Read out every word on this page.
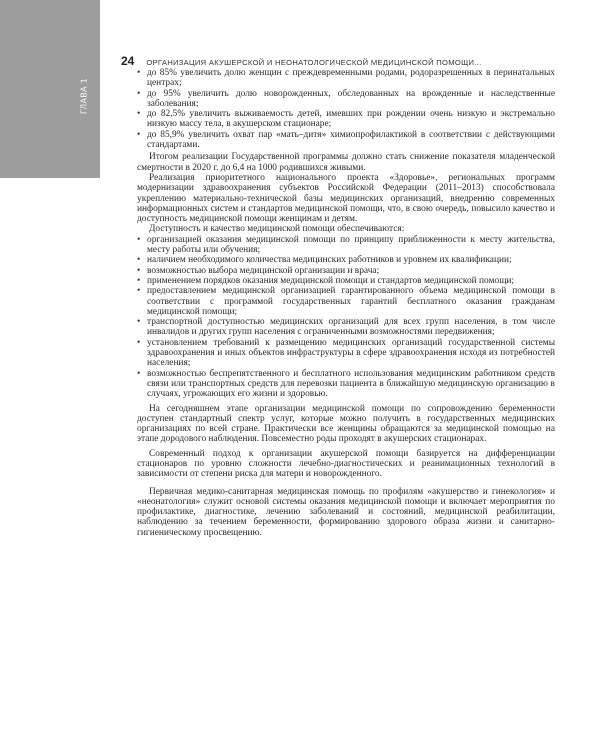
ГЛАВА 1
24 ОРГАНИЗАЦИЯ АКУШЕРСКОЙ И НЕОНАТОЛОГИЧЕСКОЙ МЕДИЦИНСКОЙ ПОМОЩИ...
• до 85% увеличить долю женщин с преждевременными родами, родоразрешенных в перинатальных центрах;
• до 95% увеличить долю новорожденных, обследованных на врожденные и наследственные заболевания;
• до 82,5% увеличить выживаемость детей, имевших при рождении очень низкую и экстремально низкую массу тела, в акушерском стационаре;
• до 85,9% увеличить охват пар «мать–дитя» химиопрофилактикой в соответствии с действующими стандартами.

Итогом реализации Государственной программы должно стать снижение показателя младенческой смертности в 2020 г. до 6,4 на 1000 родившихся живыми.

Реализация приоритетного национального проекта «Здоровье», региональных программ модернизации здравоохранения субъектов Российской Федерации (2011–2013) способствовала укреплению материально-технической базы медицинских организаций, внедрению современных информационных систем и стандартов медицинской помощи, что, в свою очередь, повысило качество и доступность медицинской помощи женщинам и детям.

Доступность и качество медицинской помощи обеспечиваются:

• организацией оказания медицинской помощи по принципу приближенности к месту жительства, месту работы или обучения;
• наличием необходимого количества медицинских работников и уровнем их квалификации;
• возможностью выбора медицинской организации и врача;
• применением порядков оказания медицинской помощи и стандартов медицинской помощи;
• предоставлением медицинской организацией гарантированного объема медицинской помощи в соответствии с программой государственных гарантий бесплатного оказания гражданам медицинской помощи;
• транспортной доступностью медицинских организаций для всех групп населения, в том числе инвалидов и других групп населения с ограниченными возможностями передвижения;
• установлением требований к размещению медицинских организаций государственной системы здравоохранения и иных объектов инфраструктуры в сфере здравоохранения исходя из потребностей населения;
• возможностью беспрепятственного и бесплатного использования медицинским работником средств связи или транспортных средств для перевозки пациента в ближайшую медицинскую организацию в случаях, угрожающих его жизни и здоровью.

На сегодняшнем этапе организации медицинской помощи по сопровождению беременности доступен стандартный спектр услуг, которые можно получить в государственных медицинских организациях по всей стране. Практически все женщины обращаются за медицинской помощью на этапе дородового наблюдения. Повсеместно роды проходят в акушерских стационарах.

Современный подход к организации акушерской помощи базируется на дифференциации стационаров по уровню сложности лечебно-диагностических и реанимационных технологий в зависимости от степени риска для матери и новорожденного.

Первичная медико-санитарная медицинская помощь по профилям «акушерство и гинекология» и «неонатология» служит основой системы оказания медицинской помощи и включает мероприятия по профилактике, диагностике, лечению заболеваний и состояний, медицинской реабилитации, наблюдению за течением беременности, формированию здорового образа жизни и санитарно-гигиеническому просвещению.
